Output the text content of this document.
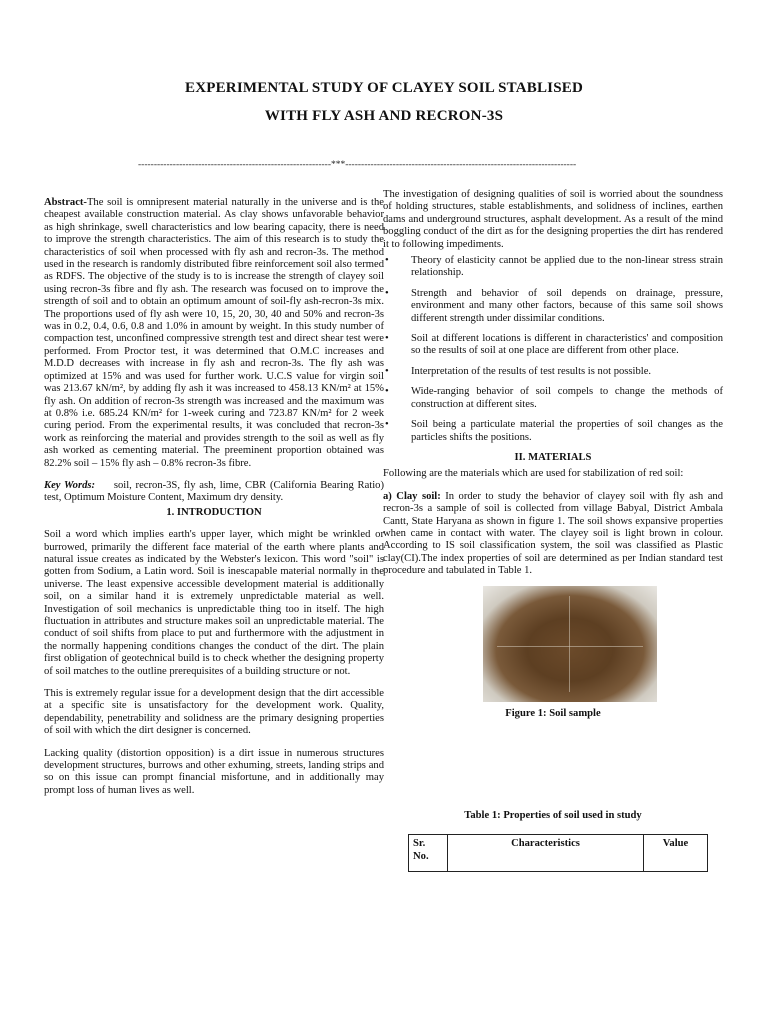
EXPERIMENTAL STUDY OF CLAYEY SOIL STABLISED
WITH FLY ASH AND RECRON-3S
-------------------------------------------------------------***-------------------------------------------------------------------------

Abstract-The soil is omnipresent material naturally in the universe and is the cheapest available construction material. As clay shows unfavorable behavior as high shrinkage, swell characteristics and low bearing capacity, there is need to improve the strength characteristics. The aim of this research is to study the characteristics of soil when processed with fly ash and recron-3s. The method used in the research is randomly distributed fibre reinforcement soil also termed as RDFS. The objective of the study is to is increase the strength of clayey soil using recron-3s fibre and fly ash. The research was focused on to improve the strength of soil and to obtain an optimum amount of soil-fly ash-recron-3s mix. The proportions used of fly ash were 10, 15, 20, 30, 40 and 50% and recron-3s was in 0.2, 0.4, 0.6, 0.8 and 1.0% in amount by weight. In this study number of compaction test, unconfined compressive strength test and direct shear test were performed. From Proctor test, it was determined that O.M.C increases and M.D.D decreases with increase in fly ash and recron-3s. The fly ash was optimized at 15% and was used for further work. U.C.S value for virgin soil was 213.67 kN/m², by adding fly ash it was increased to 458.13 KN/m² at 15% fly ash. On addition of recron-3s strength was increased and the maximum was at 0.8% i.e. 685.24 KN/m² for 1-week curing and 723.87 KN/m² for 2 week curing period. From the experimental results, it was concluded that recron-3s work as reinforcing the material and provides strength to the soil as well as fly ash worked as cementing material. The preeminent proportion obtained was 82.2% soil – 15% fly ash – 0.8% recron-3s fibre.

Key Words: soil, recron-3S, fly ash, lime, CBR (California Bearing Ratio) test, Optimum Moisture Content, Maximum dry density.

1. INTRODUCTION

Soil a word which implies earth's upper layer, which might be wrinkled or burrowed, primarily the different face material of the earth where plants and natural issue creates as indicated by the Webster's lexicon. This word "soil" is gotten from Sodium, a Latin word. Soil is inescapable material normally in the universe. The least expensive accessible development material is additionally soil, on a similar hand it is extremely unpredictable material as well. Investigation of soil mechanics is unpredictable thing too in itself. The high fluctuation in attributes and structure makes soil an unpredictable material. The conduct of soil shifts from place to put and furthermore with the adjustment in the normally happening conditions changes the conduct of the dirt. The plain first obligation of geotechnical build is to check whether the designing property of soil matches to the outline prerequisites of a building structure or not.

This is extremely regular issue for a development design that the dirt accessible at a specific site is unsatisfactory for the development work. Quality, dependability, penetrability and solidness are the primary designing properties of soil with which the dirt designer is concerned.

Lacking quality (distortion opposition) is a dirt issue in numerous structures development structures, burrows and other exhuming, streets, landing strips and so on this issue can prompt financial misfortune, and in additionally may prompt loss of human lives as well.

The investigation of designing qualities of soil is worried about the soundness of holding structures, stable establishments, and solidness of inclines, earthen dams and underground structures, asphalt development. As a result of the mind boggling conduct of the dirt as for the designing properties the dirt has rendered it to following impediments.

• Theory of elasticity cannot be applied due to the non-linear stress strain relationship.
• Strength and behavior of soil depends on drainage, pressure, environment and many other factors, because of this same soil shows different strength under dissimilar conditions.
• Soil at different locations is different in characteristics' and composition so the results of soil at one place are different from other place.
• Interpretation of the results of test results is not possible.
• Wide-ranging behavior of soil compels to change the methods of construction at different sites.
• Soil being a particulate material the properties of soil changes as the particles shifts the positions.

II. MATERIALS

Following are the materials which are used for stabilization of red soil:

a) Clay soil: In order to study the behavior of clayey soil with fly ash and recron-3s a sample of soil is collected from village Babyal, District Ambala Cantt, State Haryana as shown in figure 1. The soil shows expansive properties when came in contact with water. The clayey soil is light brown in colour. According to IS soil classification system, the soil was classified as Plastic clay(CI).The index properties of soil are determined as per Indian standard test procedure and tabulated in Table 1.

Figure 1: Soil sample

Table 1: Properties of soil used in study

Sr. No.	Characteristics	Value
